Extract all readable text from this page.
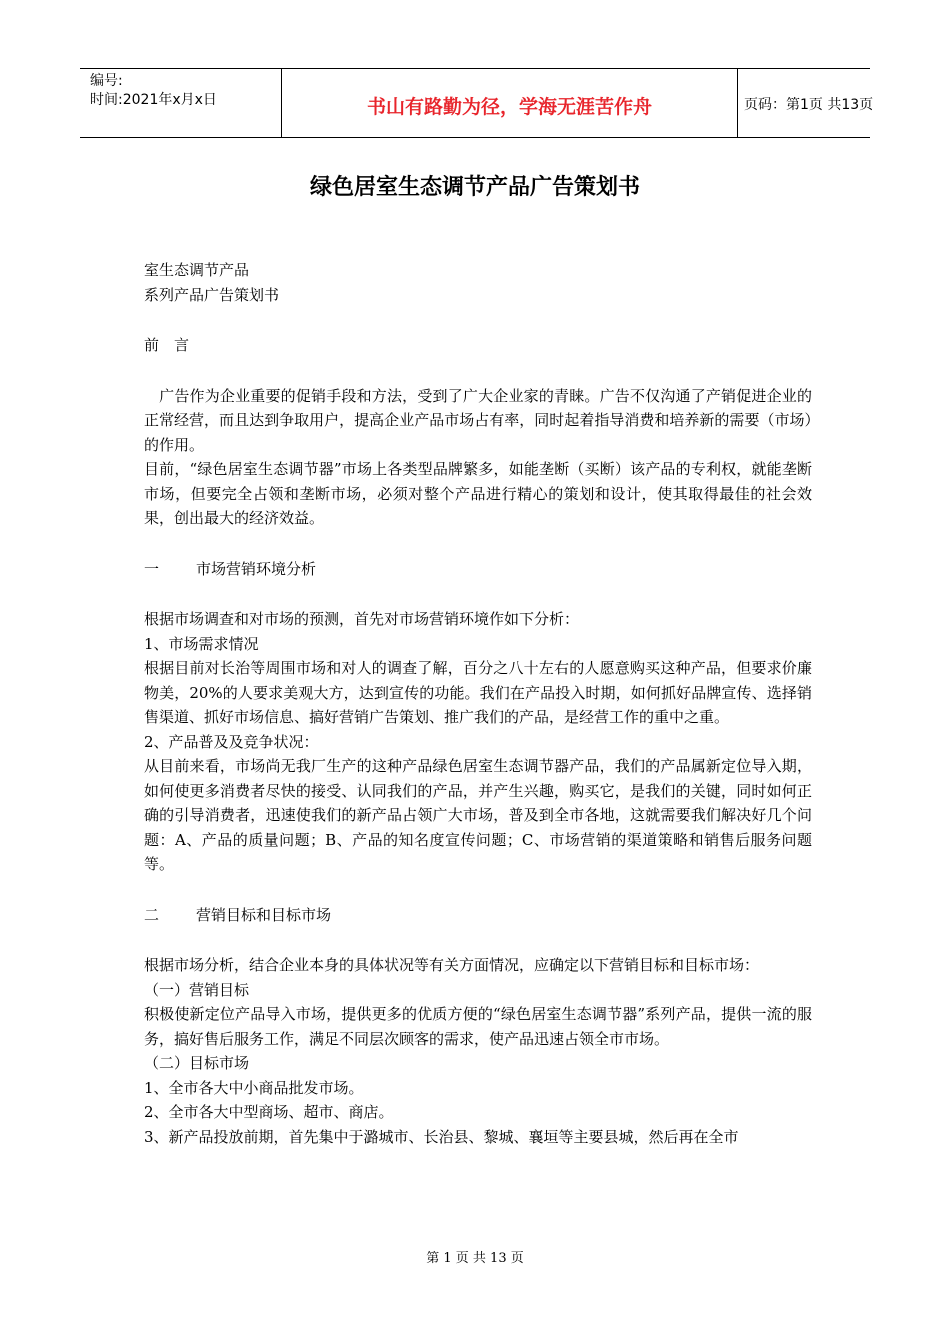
编号:
时间:2021年x月x日	书山有路勤为径，学海无涯苦作舟	页码：第1页 共13页
绿色居室生态调节产品广告策划书

室生态调节产品

系列产品广告策划书

前　言

　广告作为企业重要的促销手段和方法，受到了广大企业家的青睐。广告不仅沟通了产销促进企业的正常经营，而且达到争取用户，提高企业产品市场占有率，同时起着指导消费和培养新的需要（市场）的作用。

目前，“绿色居室生态调节器”市场上各类型品牌繁多，如能垄断（买断）该产品的专利权，就能垄断市场，但要完全占领和垄断市场，必须对整个产品进行精心的策划和设计，使其取得最佳的社会效果，创出最大的经济效益。

一 市场营销环境分析

根据市场调查和对市场的预测，首先对市场营销环境作如下分析：

1、市场需求情况

根据目前对长治等周围市场和对人的调查了解，百分之八十左右的人愿意购买这种产品，但要求价廉物美，20%的人要求美观大方，达到宣传的功能。我们在产品投入时期，如何抓好品牌宣传、选择销售渠道、抓好市场信息、搞好营销广告策划、推广我们的产品，是经营工作的重中之重。

2、产品普及及竞争状况：

从目前来看，市场尚无我厂生产的这种产品绿色居室生态调节器产品，我们的产品属新定位导入期，如何使更多消费者尽快的接受、认同我们的产品，并产生兴趣，购买它，是我们的关键，同时如何正确的引导消费者，迅速使我们的新产品占领广大市场，普及到全市各地，这就需要我们解决好几个问题：A、产品的质量问题；B、产品的知名度宣传问题；C、市场营销的渠道策略和销售后服务问题等。

二 营销目标和目标市场

根据市场分析，结合企业本身的具体状况等有关方面情况，应确定以下营销目标和目标市场：

（一）营销目标

积极使新定位产品导入市场，提供更多的优质方便的“绿色居室生态调节器”系列产品，提供一流的服务，搞好售后服务工作，满足不同层次顾客的需求，使产品迅速占领全市市场。

（二）目标市场

1、全市各大中小商品批发市场。

2、全市各大中型商场、超市、商店。

3、新产品投放前期，首先集中于潞城市、长治县、黎城、襄垣等主要县城，然后再在全市

第 1 页 共 13 页
